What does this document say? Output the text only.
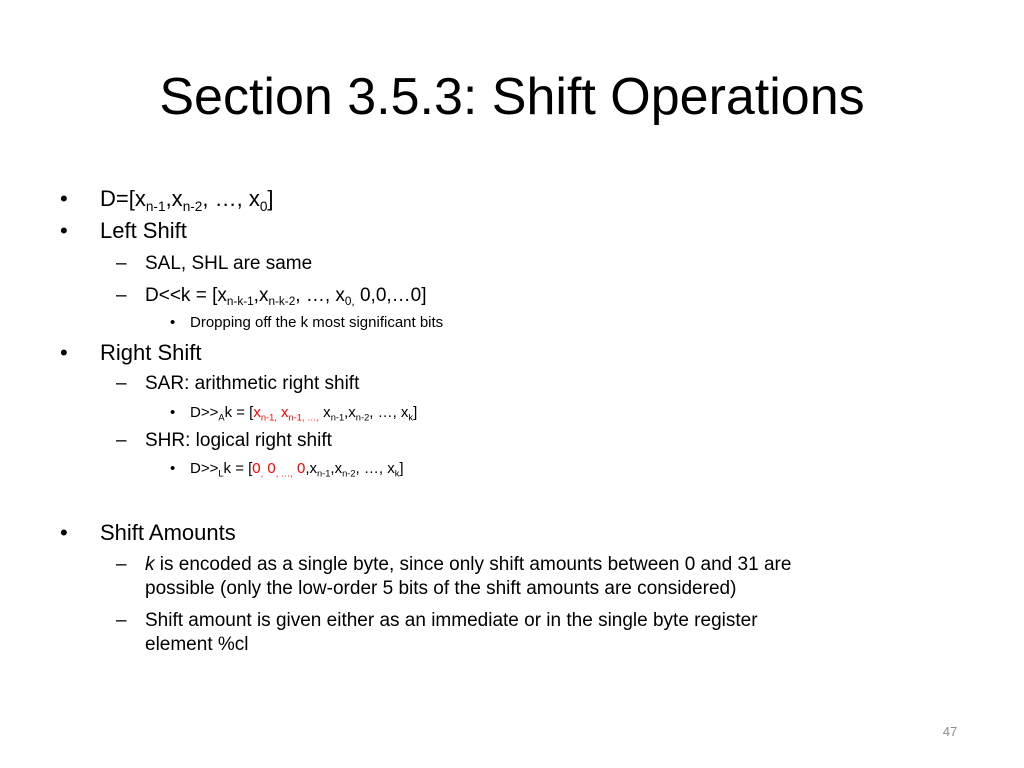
Section 3.5.3: Shift Operations
• $D=[x_{n-1},x_{n-2}$, …, $x_0$]
• Left Shift
– SAL, SHL are same
– $D<<k = [x_{n-k-1},x_{n-k-2}$, …, $x_{0,}$ 0,0,…0]
• Dropping off the k most significant bits
• Right Shift
– SAR: arithmetic right shift
• $D>>_Ak = [x_{n-1,}$ $x_{n-1, \dots,}$ $x_{n-1},x_{n-2}$, …, $x_k$]
– SHR: logical right shift
• $D>>_Lk = [0_,$ $0_{, \dots,}$ $0,x_{n-1},x_{n-2}$, …, $x_k$]
• Shift Amounts
– k is encoded as a single byte, since only shift amounts between 0 and 31 are
possible (only the low-order 5 bits of the shift amounts are considered)
– Shift amount is given either as an immediate or in the single byte register
element %cl
47
